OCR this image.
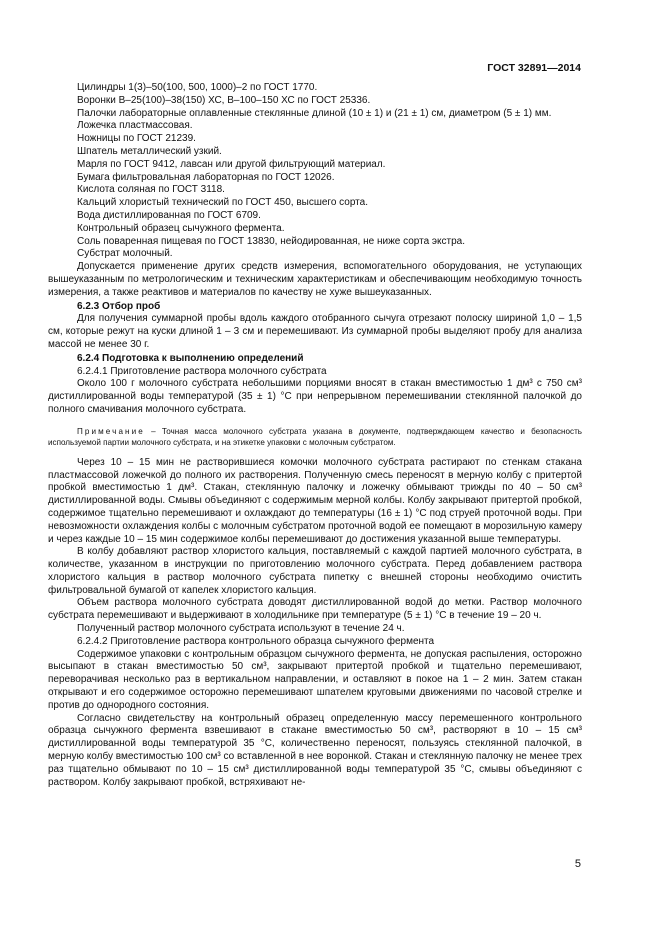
ГОСТ 32891—2014

Цилиндры 1(3)–50(100, 500, 1000)–2 по ГОСТ 1770.

Воронки В–25(100)–38(150) ХС, В–100–150 ХС по ГОСТ 25336.

Палочки лабораторные оплавленные стеклянные длиной (10 ± 1) и (21 ± 1) см, диаметром (5 ± 1) мм.

Ложечка пластмассовая.

Ножницы по ГОСТ 21239.

Шпатель металлический узкий.

Марля по ГОСТ 9412, лавсан или другой фильтрующий материал.

Бумага фильтровальная лабораторная по ГОСТ 12026.

Кислота соляная по ГОСТ 3118.

Кальций хлористый технический по ГОСТ 450, высшего сорта.

Вода дистиллированная по ГОСТ 6709.

Контрольный образец сычужного фермента.

Соль поваренная пищевая по ГОСТ 13830, нейодированная, не ниже сорта экстра.

Субстрат молочный.

Допускается применение других средств измерения, вспомогательного оборудования, не уступающих вышеуказанным по метрологическим и техническим характеристикам и обеспечивающим необходимую точность измерения, а также реактивов и материалов по качеству не хуже вышеуказанных.

6.2.3 Отбор проб

Для получения суммарной пробы вдоль каждого отобранного сычуга отрезают полоску шириной 1,0 – 1,5 см, которые режут на куски длиной 1 – 3 см и перемешивают. Из суммарной пробы выделяют пробу для анализа массой не менее 30 г.

6.2.4 Подготовка к выполнению определений

6.2.4.1 Приготовление раствора молочного субстрата

Около 100 г молочного субстрата небольшими порциями вносят в стакан вместимостью 1 дм³ с 750 см³ дистиллированной воды температурой (35 ± 1) °С при непрерывном перемешивании стеклянной палочкой до полного смачивания молочного субстрата.

Примечание – Точная масса молочного субстрата указана в документе, подтверждающем качество и безопасность используемой партии молочного субстрата, и на этикетке упаковки с молочным субстратом.

Через 10 – 15 мин не растворившиеся комочки молочного субстрата растирают по стенкам стакана пластмассовой ложечкой до полного их растворения. Полученную смесь переносят в мерную колбу с притертой пробкой вместимостью 1 дм³. Стакан, стеклянную палочку и ложечку обмывают трижды по 40 – 50 см³ дистиллированной воды. Смывы объединяют с содержимым мерной колбы. Колбу закрывают притертой пробкой, содержимое тщательно перемешивают и охлаждают до температуры (16 ± 1) °С под струей проточной воды. При невозможности охлаждения колбы с молочным субстратом проточной водой ее помещают в морозильную камеру и через каждые 10 – 15 мин содержимое колбы перемешивают до достижения указанной выше температуры.

В колбу добавляют раствор хлористого кальция, поставляемый с каждой партией молочного субстрата, в количестве, указанном в инструкции по приготовлению молочного субстрата. Перед добавлением раствора хлористого кальция в раствор молочного субстрата пипетку с внешней стороны необходимо очистить фильтровальной бумагой от капелек хлористого кальция.

Объем раствора молочного субстрата доводят дистиллированной водой до метки. Раствор молочного субстрата перемешивают и выдерживают в холодильнике при температуре (5 ± 1) °С в течение 19 – 20 ч.

Полученный раствор молочного субстрата используют в течение 24 ч.

6.2.4.2 Приготовление раствора контрольного образца сычужного фермента

Содержимое упаковки с контрольным образцом сычужного фермента, не допуская распыления, осторожно высыпают в стакан вместимостью 50 см³, закрывают притертой пробкой и тщательно перемешивают, переворачивая несколько раз в вертикальном направлении, и оставляют в покое на 1 – 2 мин. Затем стакан открывают и его содержимое осторожно перемешивают шпателем круговыми движениями по часовой стрелке и против до однородного состояния.

Согласно свидетельству на контрольный образец определенную массу перемешенного контрольного образца сычужного фермента взвешивают в стакане вместимостью 50 см³, растворяют в 10 – 15 см³ дистиллированной воды температурой 35 °С, количественно переносят, пользуясь стеклянной палочкой, в мерную колбу вместимостью 100 см³ со вставленной в нее воронкой. Стакан и стеклянную палочку не менее трех раз тщательно обмывают по 10 – 15 см³ дистиллированной воды температурой 35 °С, смывы объединяют с раствором. Колбу закрывают пробкой, встряхивают не-

5
